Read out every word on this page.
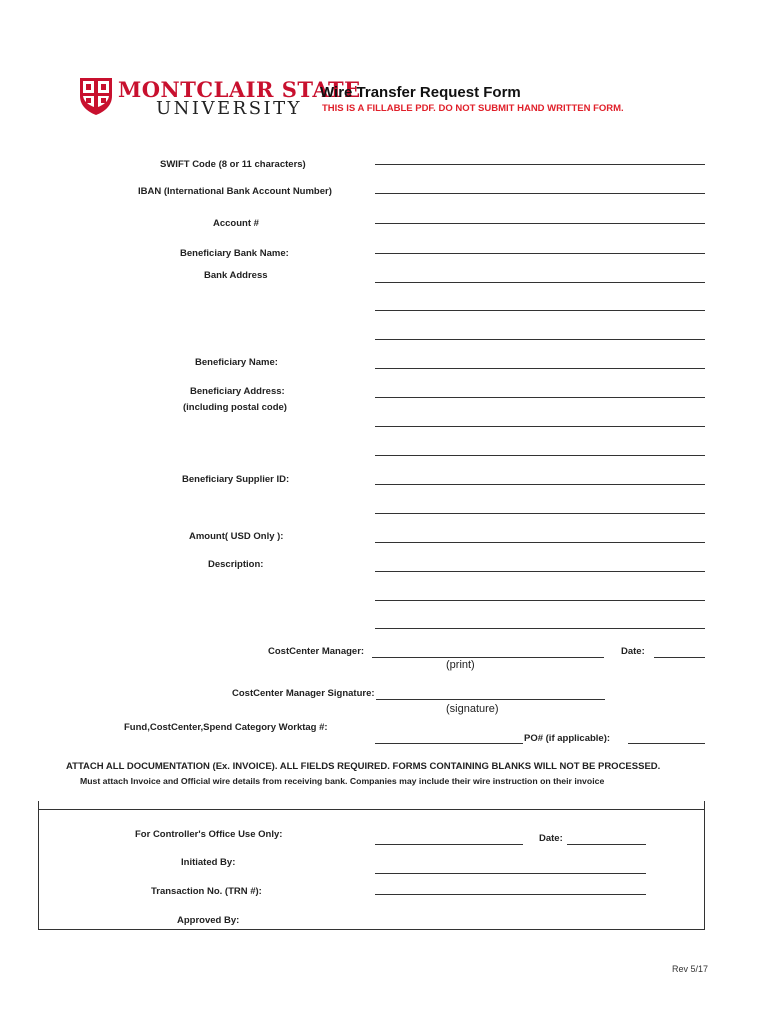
MONTCLAIR STATE
UNIVERSITY
Wire Transfer Request Form
THIS IS A FILLABLE PDF. DO NOT SUBMIT HAND WRITTEN FORM.
SWIFT Code (8 or 11 characters)
IBAN (International Bank Account Number)
Account #
Beneficiary Bank Name:
Bank Address
Beneficiary Name:
Beneficiary Address:
(including postal code)
Beneficiary Supplier ID:
Amount( USD Only ):
Description:
CostCenter Manager:	Date:
(print)
CostCenter Manager Signature:
(signature)
Fund,CostCenter,Spend Category Worktag #:
PO# (if applicable):
ATTACH ALL DOCUMENTATION (Ex. INVOICE). ALL FIELDS REQUIRED. FORMS CONTAINING BLANKS WILL NOT BE PROCESSED.
Must attach Invoice and Official wire details from receiving bank. Companies may include their wire instruction on their invoice
For Controller's Office Use Only:	Date:
Initiated By:
Transaction No. (TRN #):
Approved By:
Rev 5/17
